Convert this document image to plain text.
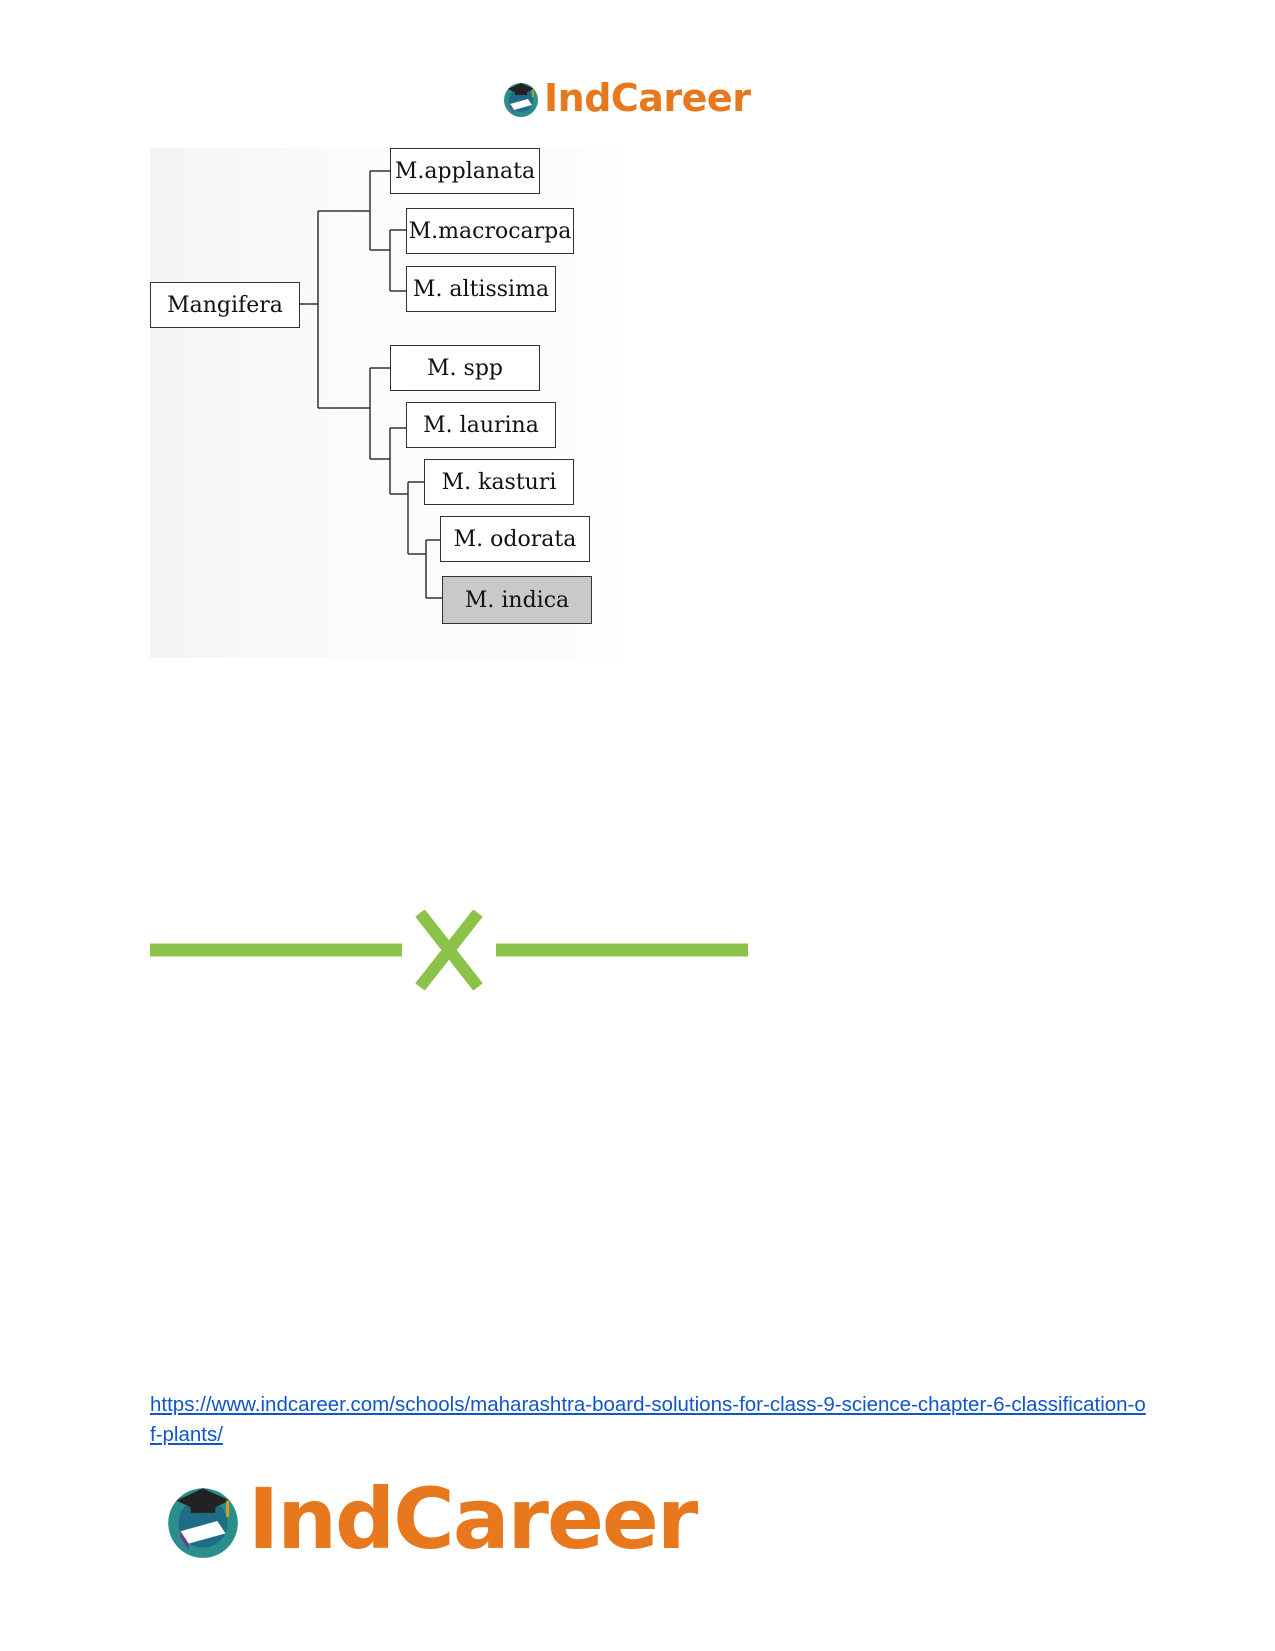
IndCareer
Mangifera
M.applanata
M.macrocarpa
M. altissima
M. spp
M. laurina
M. kasturi
M. odorata
M. indica
https://www.indcareer.com/schools/maharashtra-board-solutions-for-class-9-science-chapter-6-classification-of-plants/
IndCareer
